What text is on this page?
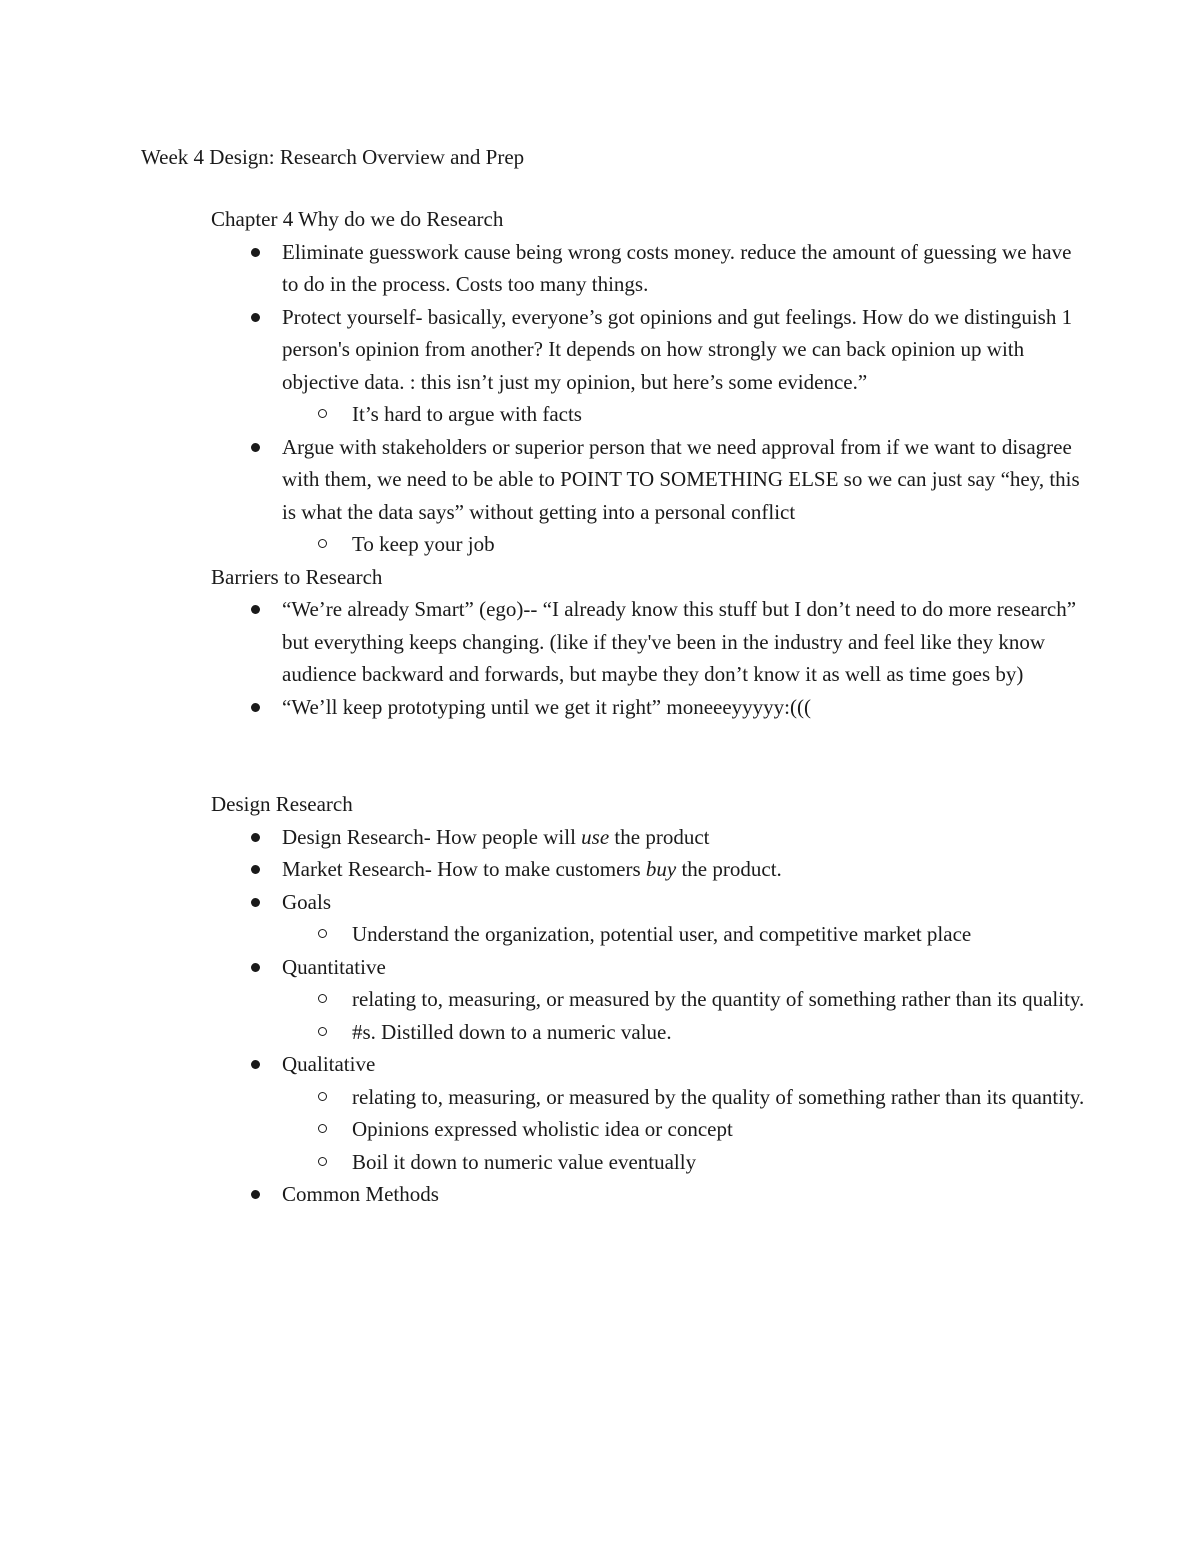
Week 4 Design: Research Overview and Prep
Chapter 4 Why do we do Research
Eliminate guesswork cause being wrong costs money. reduce the amount of guessing we have to do in the process. Costs too many things.
Protect yourself- basically, everyone’s got opinions and gut feelings. How do we distinguish 1 person's opinion from another? It depends on how strongly we can back opinion up with objective data. : this isn’t just my opinion, but here’s some evidence.”
It’s hard to argue with facts
Argue with stakeholders or superior person that we need approval from if we want to disagree with them, we need to be able to POINT TO SOMETHING ELSE so we can just say “hey, this is what the data says” without getting into a personal conflict
To keep your job
Barriers to Research
“We’re already Smart” (ego)-- “I already know this stuff but I don’t need to do more research” but everything keeps changing. (like if they've been in the industry and feel like they know audience backward and forwards, but maybe they don’t know it as well as time goes by)
“We’ll keep prototyping until we get it right” moneeeyyyyy:(((
Design Research
Design Research- How people will use the product
Market Research- How to make customers buy the product.
Goals
Understand the organization, potential user, and competitive market place
Quantitative
relating to, measuring, or measured by the quantity of something rather than its quality.
#s. Distilled down to a numeric value.
Qualitative
relating to, measuring, or measured by the quality of something rather than its quantity.
Opinions expressed wholistic idea or concept
Boil it down to numeric value eventually
Common Methods
